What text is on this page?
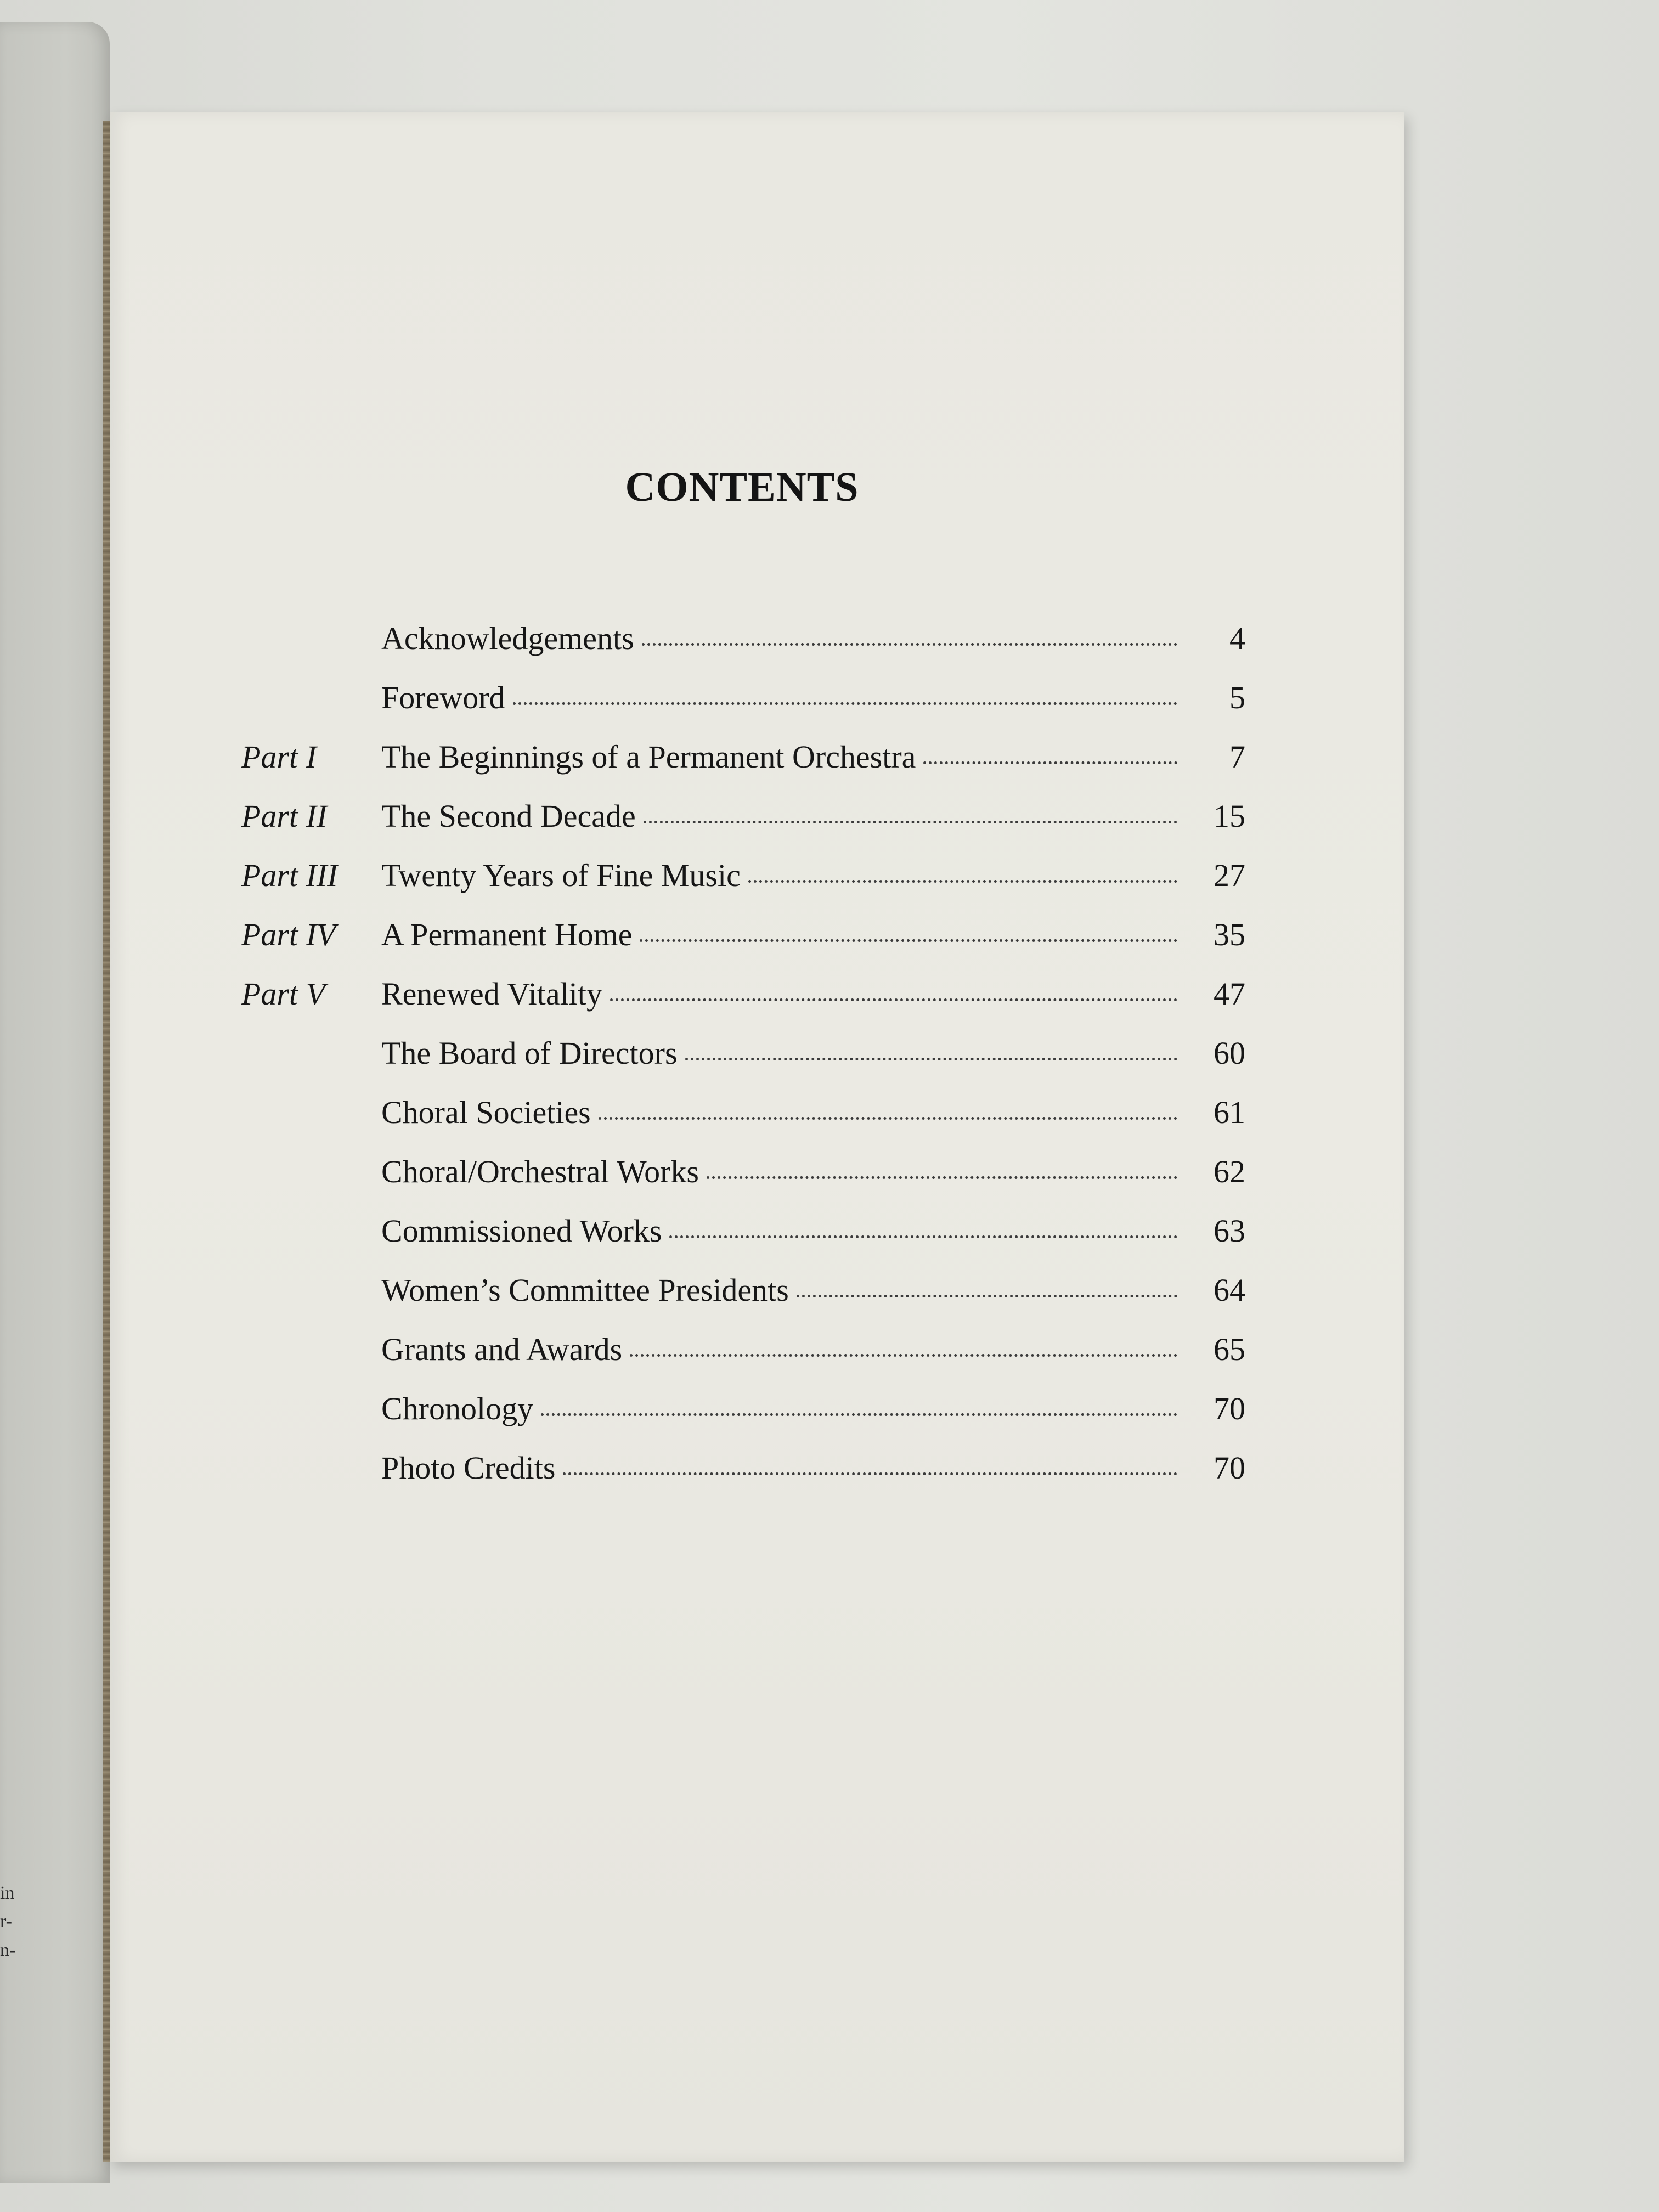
in
r-
n-
CONTENTS
Acknowledgements	4
Foreword	5
Part I	The Beginnings of a Permanent Orchestra	7
Part II	The Second Decade	15
Part III	Twenty Years of Fine Music	27
Part IV	A Permanent Home	35
Part V	Renewed Vitality	47
The Board of Directors	60
Choral Societies	61
Choral/Orchestral Works	62
Commissioned Works	63
Women’s Committee Presidents	64
Grants and Awards	65
Chronology	70
Photo Credits	70
